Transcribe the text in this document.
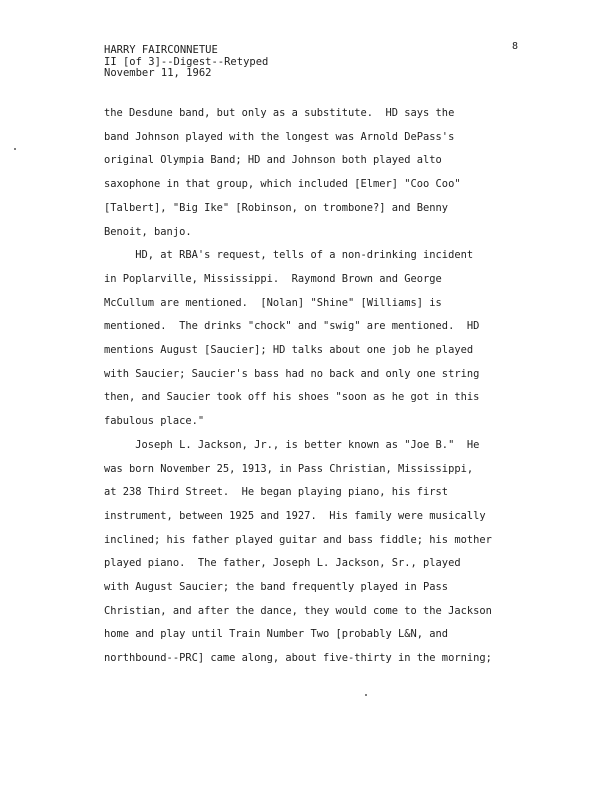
HARRY FAIRCONNETUE
II [of 3]--Digest--Retyped
November 11, 1962
8
the Desdune band, but only as a substitute.  HD says the
band Johnson played with the longest was Arnold DePass's
original Olympia Band; HD and Johnson both played alto
saxophone in that group, which included [Elmer] "Coo Coo"
[Talbert], "Big Ike" [Robinson, on trombone?] and Benny
Benoit, banjo.
HD, at RBA's request, tells of a non-drinking incident
in Poplarville, Mississippi.  Raymond Brown and George
McCullum are mentioned.  [Nolan] "Shine" [Williams] is
mentioned.  The drinks "chock" and "swig" are mentioned.  HD
mentions August [Saucier]; HD talks about one job he played
with Saucier; Saucier's bass had no back and only one string
then, and Saucier took off his shoes "soon as he got in this
fabulous place."
Joseph L. Jackson, Jr., is better known as "Joe B."  He
was born November 25, 1913, in Pass Christian, Mississippi,
at 238 Third Street.  He began playing piano, his first
instrument, between 1925 and 1927.  His family were musically
inclined; his father played guitar and bass fiddle; his mother
played piano.  The father, Joseph L. Jackson, Sr., played
with August Saucier; the band frequently played in Pass
Christian, and after the dance, they would come to the Jackson
home and play until Train Number Two [probably L&N, and
northbound--PRC] came along, about five-thirty in the morning;
